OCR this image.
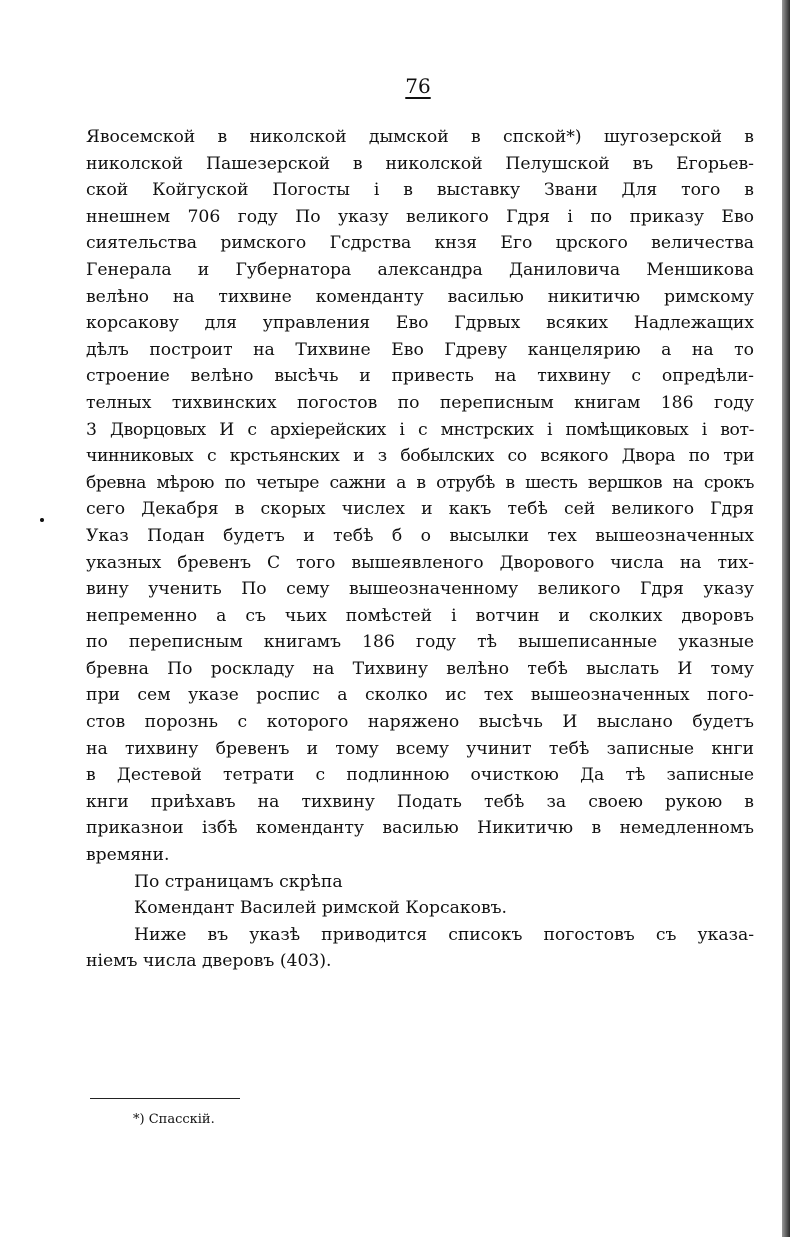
76
Явосемской в николской дымской в спской*) шугозерской в
николской Пашезерской в николской Пелушской въ Егорьев-
ской Койгуской Погосты і в выставку Звани Для того в
ннешнем 706 году По указу великого Гдря і по приказу Ево
сиятельства римского Гсдрства кнзя Его црского величества
Генерала и Губернатора александра Даниловича Меншикова
велѣно на тихвине коменданту василью никитичю римскому
корсакову для управления Ево Гдрвых всяких Надлежащих
дѣлъ построит на Тихвине Ево Гдреву канцелярию а на то
строение велѣно высѣчь и привесть на тихвину с опредѣли-
телных тихвинских погостов по переписным книгам 186 году
3 Дворцовых И с архіерейских і с мнстрских і помѣщиковых і вот-
чинниковых с крстьянских и з бобылских со всякого Двора по три
бревна мѣрою по четыре сажни а в отрубѣ в шесть вершков на срокъ
сего Декабря в скорых числех и какъ тебѣ сей великого Гдря
Указ Подан будетъ и тебѣ б о высылки тех вышеозначенных
указных бревенъ С того вышеявленого Дворового числа на тих-
вину ученить По сему вышеозначенному великого Гдря указу
непременно а съ чьих помѣстей і вотчин и сколких дворовъ
по переписным книгамъ 186 году тѣ вышеписанные указные
бревна По роскладу на Тихвину велѣно тебѣ выслать И тому
при сем указе роспис а сколко ис тех вышеозначенных пого-
стов порознь с которого наряжено высѣчь И выслано будетъ
на тихвину бревенъ и тому всему учинит тебѣ записные кнги
в Дестевой тетрати с подлинною очисткою Да тѣ записные
кнги приѣхавъ на тихвину Подать тебѣ за своею рукою в
приказнои ізбѣ коменданту василью Никитичю в немедленномъ
времяни.
По страницамъ скрѣпа
Комендант Василей римской Корсаковъ.
Ниже въ указѣ приводится списокъ погостовъ съ указа-
ніемъ числа дверовъ (403).
*) Спасскій.
